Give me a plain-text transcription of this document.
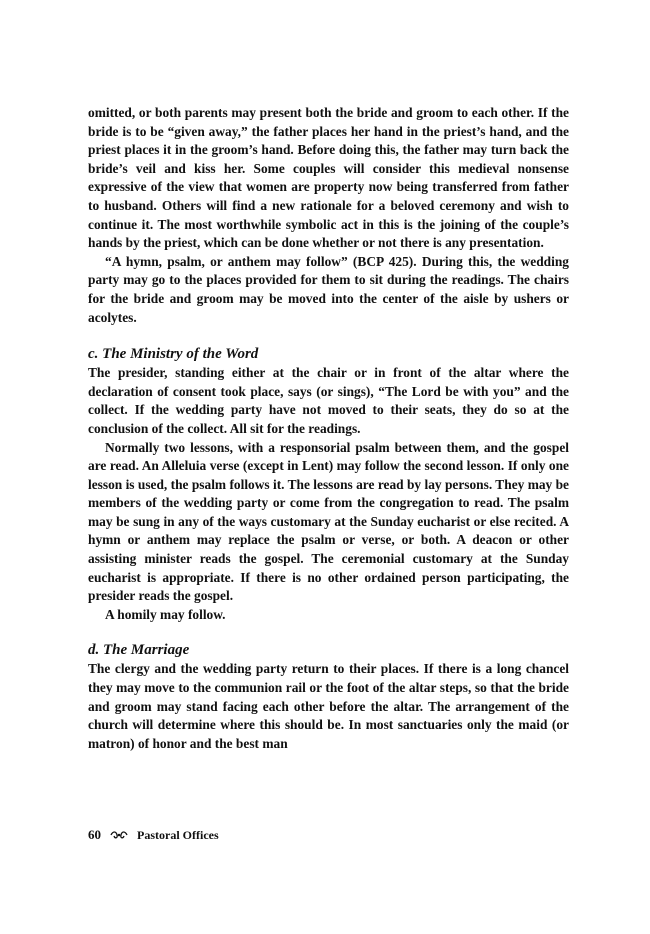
omitted, or both parents may present both the bride and groom to each other. If the bride is to be “given away,” the father places her hand in the priest’s hand, and the priest places it in the groom’s hand. Before doing this, the father may turn back the bride’s veil and kiss her. Some couples will consider this medieval nonsense expressive of the view that women are property now being transferred from father to husband. Others will find a new rationale for a beloved ceremony and wish to continue it. The most worthwhile symbolic act in this is the joining of the couple’s hands by the priest, which can be done whether or not there is any presentation.

“A hymn, psalm, or anthem may follow” (BCP 425). During this, the wedding party may go to the places provided for them to sit during the readings. The chairs for the bride and groom may be moved into the center of the aisle by ushers or acolytes.

c. The Ministry of the Word

The presider, standing either at the chair or in front of the altar where the declaration of consent took place, says (or sings), “The Lord be with you” and the collect. If the wedding party have not moved to their seats, they do so at the conclusion of the collect. All sit for the readings.

Normally two lessons, with a responsorial psalm between them, and the gospel are read. An Alleluia verse (except in Lent) may follow the second lesson. If only one lesson is used, the psalm follows it. The lessons are read by lay persons. They may be members of the wedding party or come from the congregation to read. The psalm may be sung in any of the ways customary at the Sunday eucharist or else recited. A hymn or anthem may replace the psalm or verse, or both. A deacon or other assisting minister reads the gospel. The ceremonial customary at the Sunday eucharist is appropriate. If there is no other ordained person participating, the presider reads the gospel.

A homily may follow.

d. The Marriage

The clergy and the wedding party return to their places. If there is a long chancel they may move to the communion rail or the foot of the altar steps, so that the bride and groom may stand facing each other before the altar. The arrangement of the church will determine where this should be. In most sanctuaries only the maid (or matron) of honor and the best man

60	Pastoral Offices
